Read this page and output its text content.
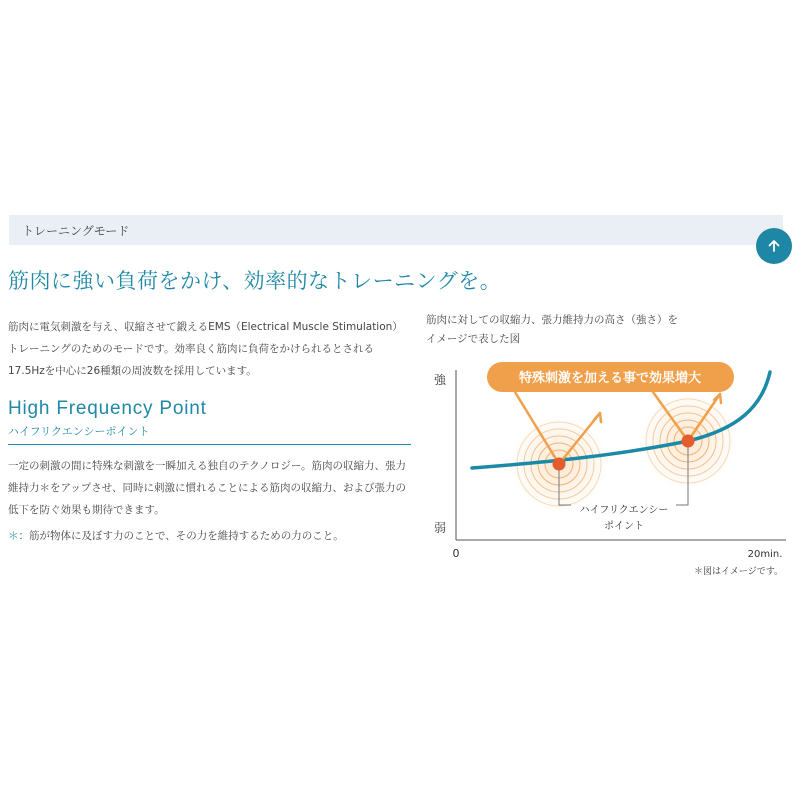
トレーニングモード
筋肉に強い負荷をかけ、効率的なトレーニングを。
筋肉に電気刺激を与え、収縮させて鍛えるEMS（Electrical Muscle Stimulation）トレーニングのためのモードです。効率良く筋肉に負荷をかけられるとされる17.5Hzを中心に26種類の周波数を採用しています。
High Frequency Point
ハイフリクエンシーポイント
一定の刺激の間に特殊な刺激を一瞬加える独自のテクノロジー。筋肉の収縮力、張力維持力＊をアップさせ、同時に刺激に慣れることによる筋肉の収縮力、および張力の低下を防ぐ効果も期待できます。
＊：筋が物体に及ぼす力のことで、その力を維持するための力のこと。
筋肉に対しての収縮力、張力維持力の高さ（強さ）を
イメージで表した図
強
弱
0	20min.
＊図はイメージです。
特殊刺激を加える事で効果増大
ハイフリクエンシー
ポイント
